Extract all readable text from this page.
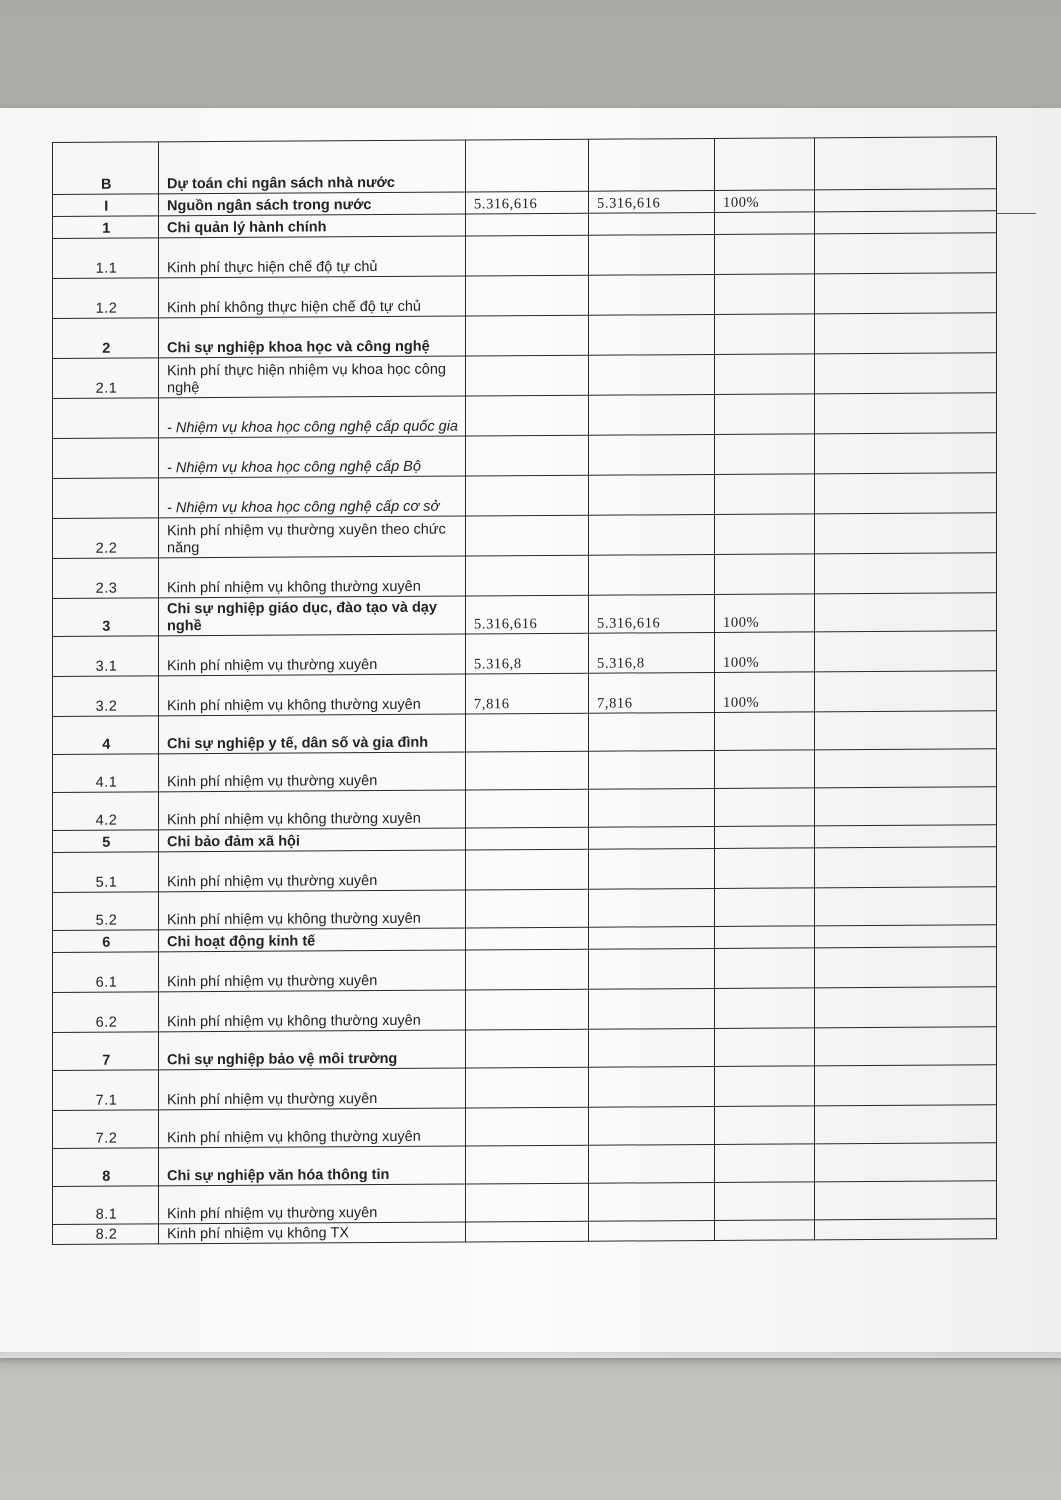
B	Dự toán chi ngân sách nhà nước				
I	Nguồn ngân sách trong nước	5.316,616	5.316,616	100%	
1	Chi quản lý hành chính				
1.1	Kinh phí thực hiện chế độ tự chủ				
1.2	Kinh phí không thực hiện chế độ tự chủ				
2	Chi sự nghiệp khoa học và công nghệ				
2.1	Kinh phí thực hiện nhiệm vụ khoa học công nghệ				
	- Nhiệm vụ khoa học công nghệ cấp quốc gia				
	- Nhiệm vụ khoa học công nghệ cấp Bộ				
	- Nhiệm vụ khoa học công nghệ cấp cơ sở				
2.2	Kinh phí nhiệm vụ thường xuyên theo chức năng				
2.3	Kinh phí nhiệm vụ không thường xuyên				
3	Chi sự nghiệp giáo dục, đào tạo và dạy nghề	5.316,616	5.316,616	100%	
3.1	Kinh phí nhiệm vụ thường xuyên	5.316,8	5.316,8	100%	
3.2	Kinh phí nhiệm vụ không thường xuyên	7,816	7,816	100%	
4	Chi sự nghiệp y tế, dân số và gia đình				
4.1	Kinh phí nhiệm vụ thường xuyên				
4.2	Kinh phí nhiệm vụ không thường xuyên				
5	Chi bảo đảm xã hội				
5.1	Kinh phí nhiệm vụ thường xuyên				
5.2	Kinh phí nhiệm vụ không thường xuyên				
6	Chi hoạt động kinh tế				
6.1	Kinh phí nhiệm vụ thường xuyên				
6.2	Kinh phí nhiệm vụ không thường xuyên				
7	Chi sự nghiệp bảo vệ môi trường				
7.1	Kinh phí nhiệm vụ thường xuyên				
7.2	Kinh phí nhiệm vụ không thường xuyên				
8	Chi sự nghiệp văn hóa thông tin				
8.1	Kinh phí nhiệm vụ thường xuyên				
8.2	Kinh phí nhiệm vụ không TX				
